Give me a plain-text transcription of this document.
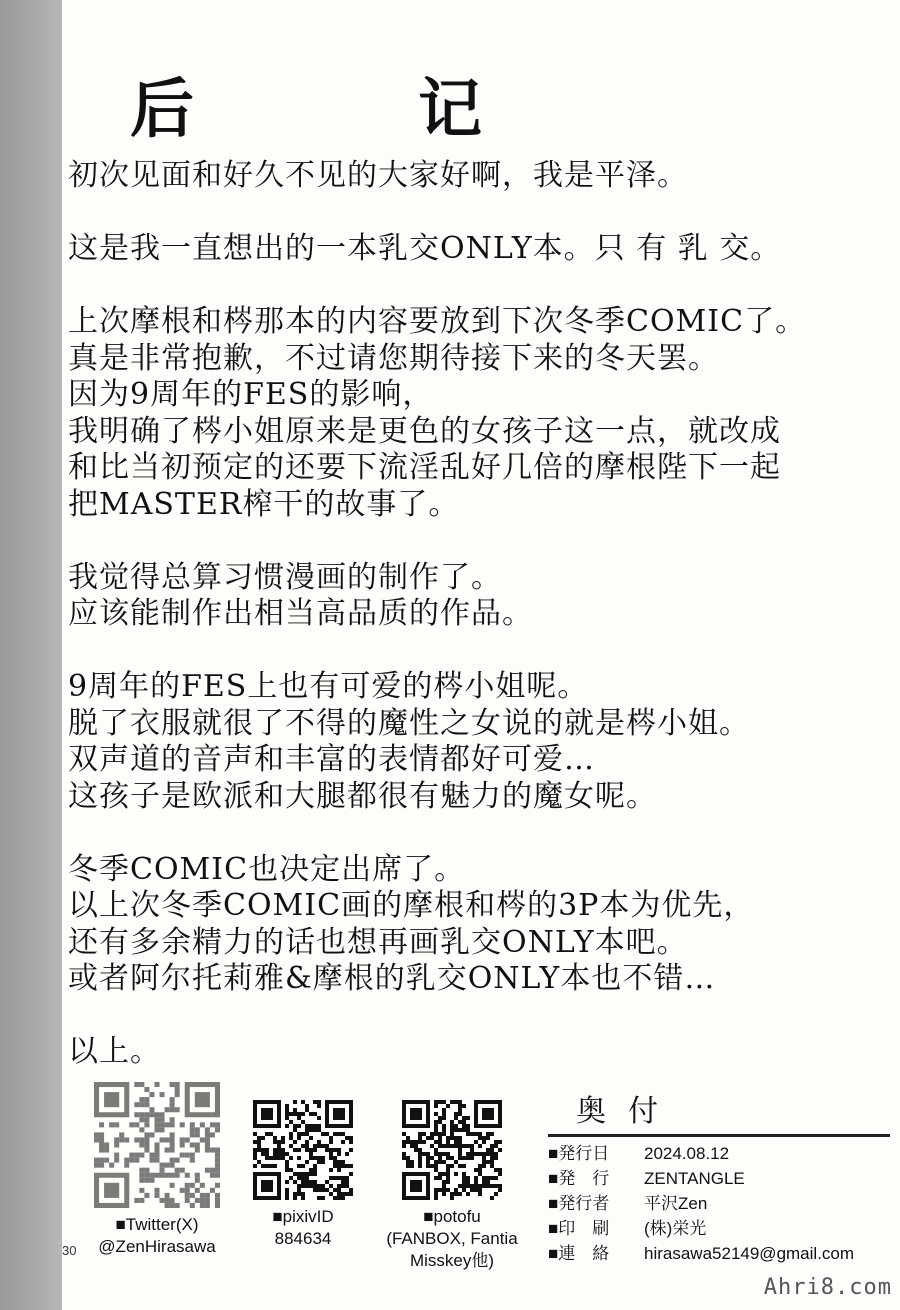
后　记
初次见面和好久不见的大家好啊，我是平泽。
这是我一直想出的一本乳交ONLY本。只 有 乳 交。
上次摩根和梣那本的内容要放到下次冬季COMIC了。
真是非常抱歉，不过请您期待接下来的冬天罢。
因为9周年的FES的影响，
我明确了梣小姐原来是更色的女孩子这一点，就改成
和比当初预定的还要下流淫乱好几倍的摩根陛下一起
把MASTER榨干的故事了。
我觉得总算习惯漫画的制作了。
应该能制作出相当高品质的作品。
9周年的FES上也有可爱的梣小姐呢。
脱了衣服就很了不得的魔性之女说的就是梣小姐。
双声道的音声和丰富的表情都好可爱…
这孩子是欧派和大腿都很有魅力的魔女呢。
冬季COMIC也决定出席了。
以上次冬季COMIC画的摩根和梣的3P本为优先，
还有多余精力的话也想再画乳交ONLY本吧。
或者阿尔托莉雅&摩根的乳交ONLY本也不错…
以上。
■Twitter(X)
@ZenHirasawa
■pixivID
884634
■potofu
(FANBOX, Fantia
Misskey他)
30
奥付
■発行日	2024.08.12
■発　行	ZENTANGLE
■発行者	平沢Zen
■印　刷	(株)栄光
■連　絡	hirasawa52149@gmail.com
Ahri8.com
